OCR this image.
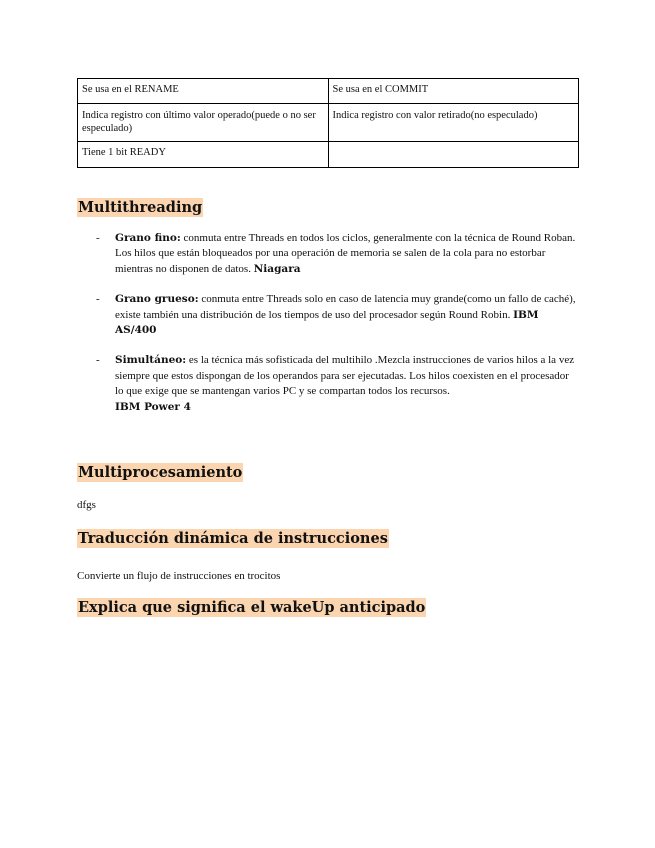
Se usa en el RENAME	Se usa en el COMMIT
Indica registro con último valor operado(puede o no ser especulado)	Indica registro con valor retirado(no especulado)
Tiene 1 bit READY	
Multithreading
- Grano fino: conmuta entre Threads en todos los ciclos, generalmente con la técnica de Round Roban. Los hilos que están bloqueados por una operación de memoria se salen de la cola para no estorbar mientras no disponen de datos. Niagara
- Grano grueso: conmuta entre Threads solo en caso de latencia muy grande(como un fallo de caché), existe también una distribución de los tiempos de uso del procesador según Round Robin. IBM AS/400
- Simultáneo: es la técnica más sofisticada del multihilo .Mezcla instrucciones de varios hilos a la vez siempre que estos dispongan de los operandos para ser ejecutadas. Los hilos coexisten en el procesador lo que exige que se mantengan varios PC y se compartan todos los recursos.
IBM Power 4
Multiprocesamiento

dfgs

Traducción dinámica de instrucciones

Convierte un flujo de instrucciones en trocitos

Explica que significa el wakeUp anticipado
